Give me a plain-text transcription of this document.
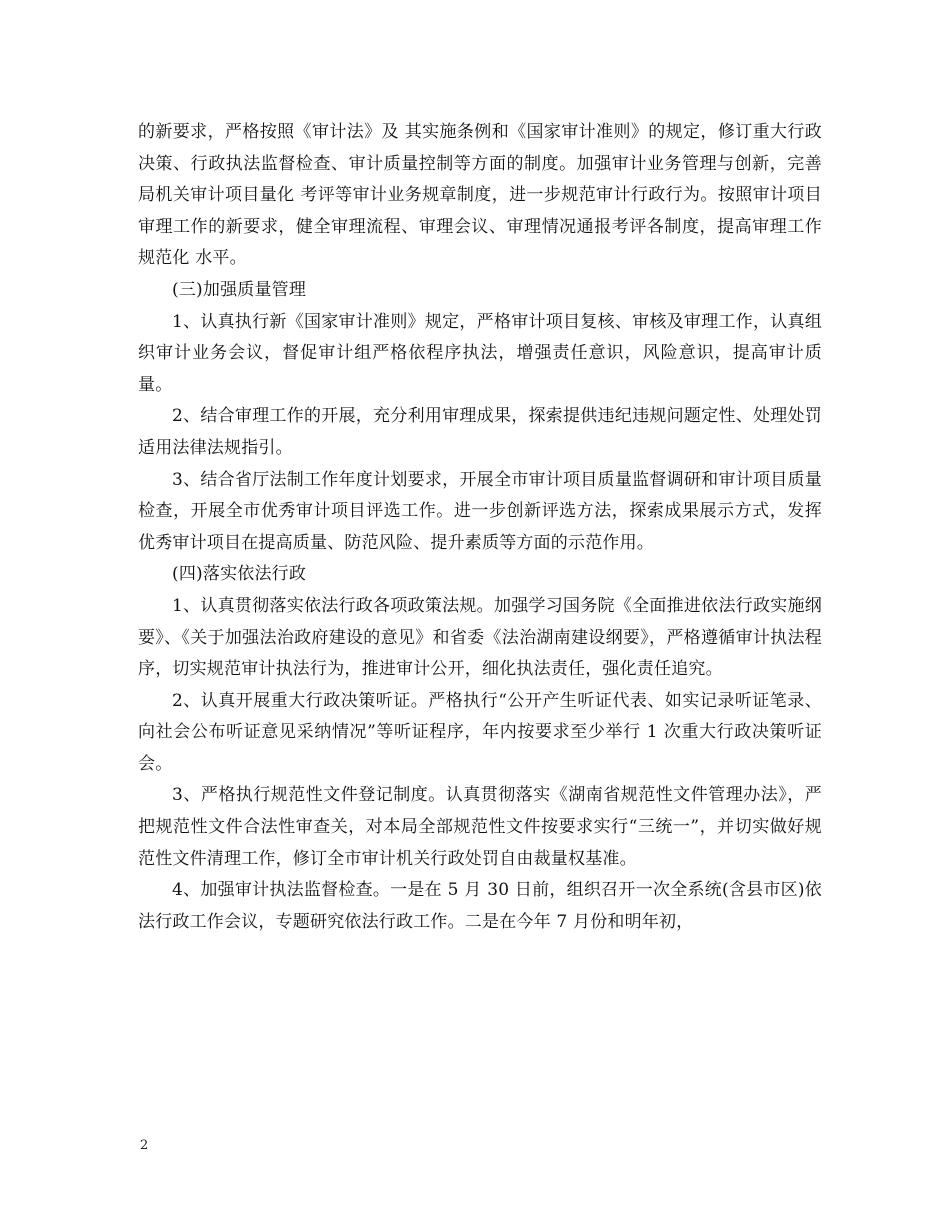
的新要求，严格按照《审计法》及 其实施条例和《国家审计准则》的规定，修订重大行政决策、行政执法监督检查、审计质量控制等方面的制度。加强审计业务管理与创新，完善局机关审计项目量化 考评等审计业务规章制度，进一步规范审计行政行为。按照审计项目审理工作的新要求，健全审理流程、审理会议、审理情况通报考评各制度，提高审理工作规范化 水平。

(三)加强质量管理

1、认真执行新《国家审计准则》规定，严格审计项目复核、审核及审理工作，认真组织审计业务会议，督促审计组严格依程序执法，增强责任意识，风险意识，提高审计质量。

2、结合审理工作的开展，充分利用审理成果，探索提供违纪违规问题定性、处理处罚适用法律法规指引。

3、结合省厅法制工作年度计划要求，开展全市审计项目质量监督调研和审计项目质量检查，开展全市优秀审计项目评选工作。进一步创新评选方法，探索成果展示方式，发挥优秀审计项目在提高质量、防范风险、提升素质等方面的示范作用。

(四)落实依法行政

1、认真贯彻落实依法行政各项政策法规。加强学习国务院《全面推进依法行政实施纲要》、《关于加强法治政府建设的意见》和省委《法治湖南建设纲要》，严格遵循审计执法程序，切实规范审计执法行为，推进审计公开，细化执法责任，强化责任追究。

2、认真开展重大行政决策听证。严格执行“公开产生听证代表、如实记录听证笔录、向社会公布听证意见采纳情况”等听证程序，年内按要求至少举行 1 次重大行政决策听证会。

3、严格执行规范性文件登记制度。认真贯彻落实《湖南省规范性文件管理办法》，严把规范性文件合法性审查关，对本局全部规范性文件按要求实行“三统一”，并切实做好规范性文件清理工作，修订全市审计机关行政处罚自由裁量权基准。

4、加强审计执法监督检查。一是在 5 月 30 日前，组织召开一次全系统(含县市区)依法行政工作会议，专题研究依法行政工作。二是在今年 7 月份和明年初，

2
